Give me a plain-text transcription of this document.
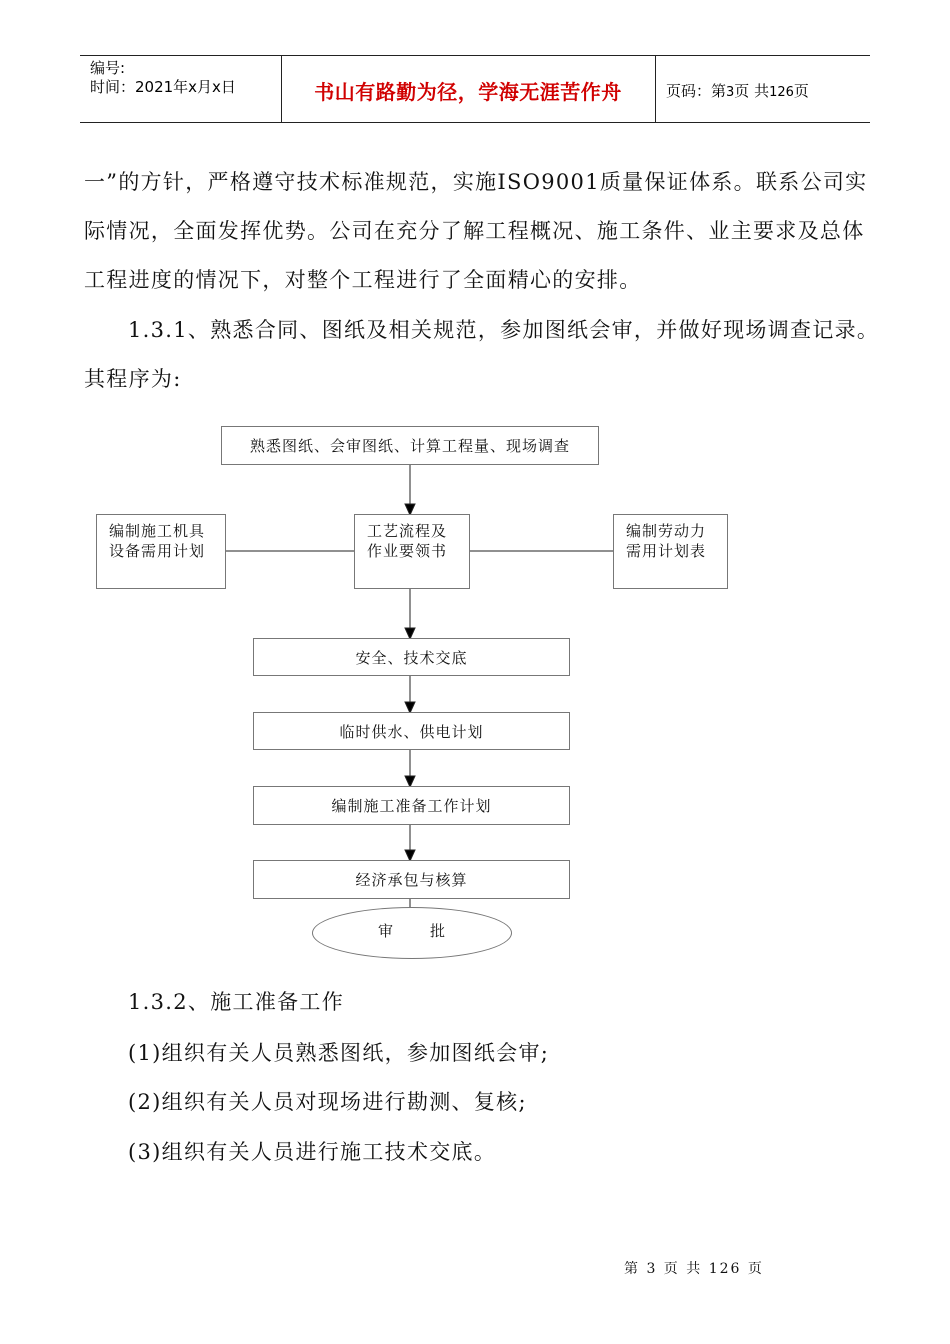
编号:
时间：2021年x月x日	书山有路勤为径，学海无涯苦作舟	页码：第3页 共126页
一”的方针，严格遵守技术标准规范，实施ISO9001质量保证体系。联系公司实
际情况，全面发挥优势。公司在充分了解工程概况、施工条件、业主要求及总体
工程进度的情况下，对整个工程进行了全面精心的安排。
1.3.1、熟悉合同、图纸及相关规范，参加图纸会审，并做好现场调查记录。
其程序为:
熟悉图纸、会审图纸、计算工程量、现场调查
编制施工机具
设备需用计划
工艺流程及
作业要领书
编制劳动力
需用计划表
安全、技术交底
临时供水、供电计划
编制施工准备工作计划
经济承包与核算
审 批
1.3.2、施工准备工作
(1)组织有关人员熟悉图纸，参加图纸会审;
(2)组织有关人员对现场进行勘测、复核;
(3)组织有关人员进行施工技术交底。
第 3 页 共 126 页
